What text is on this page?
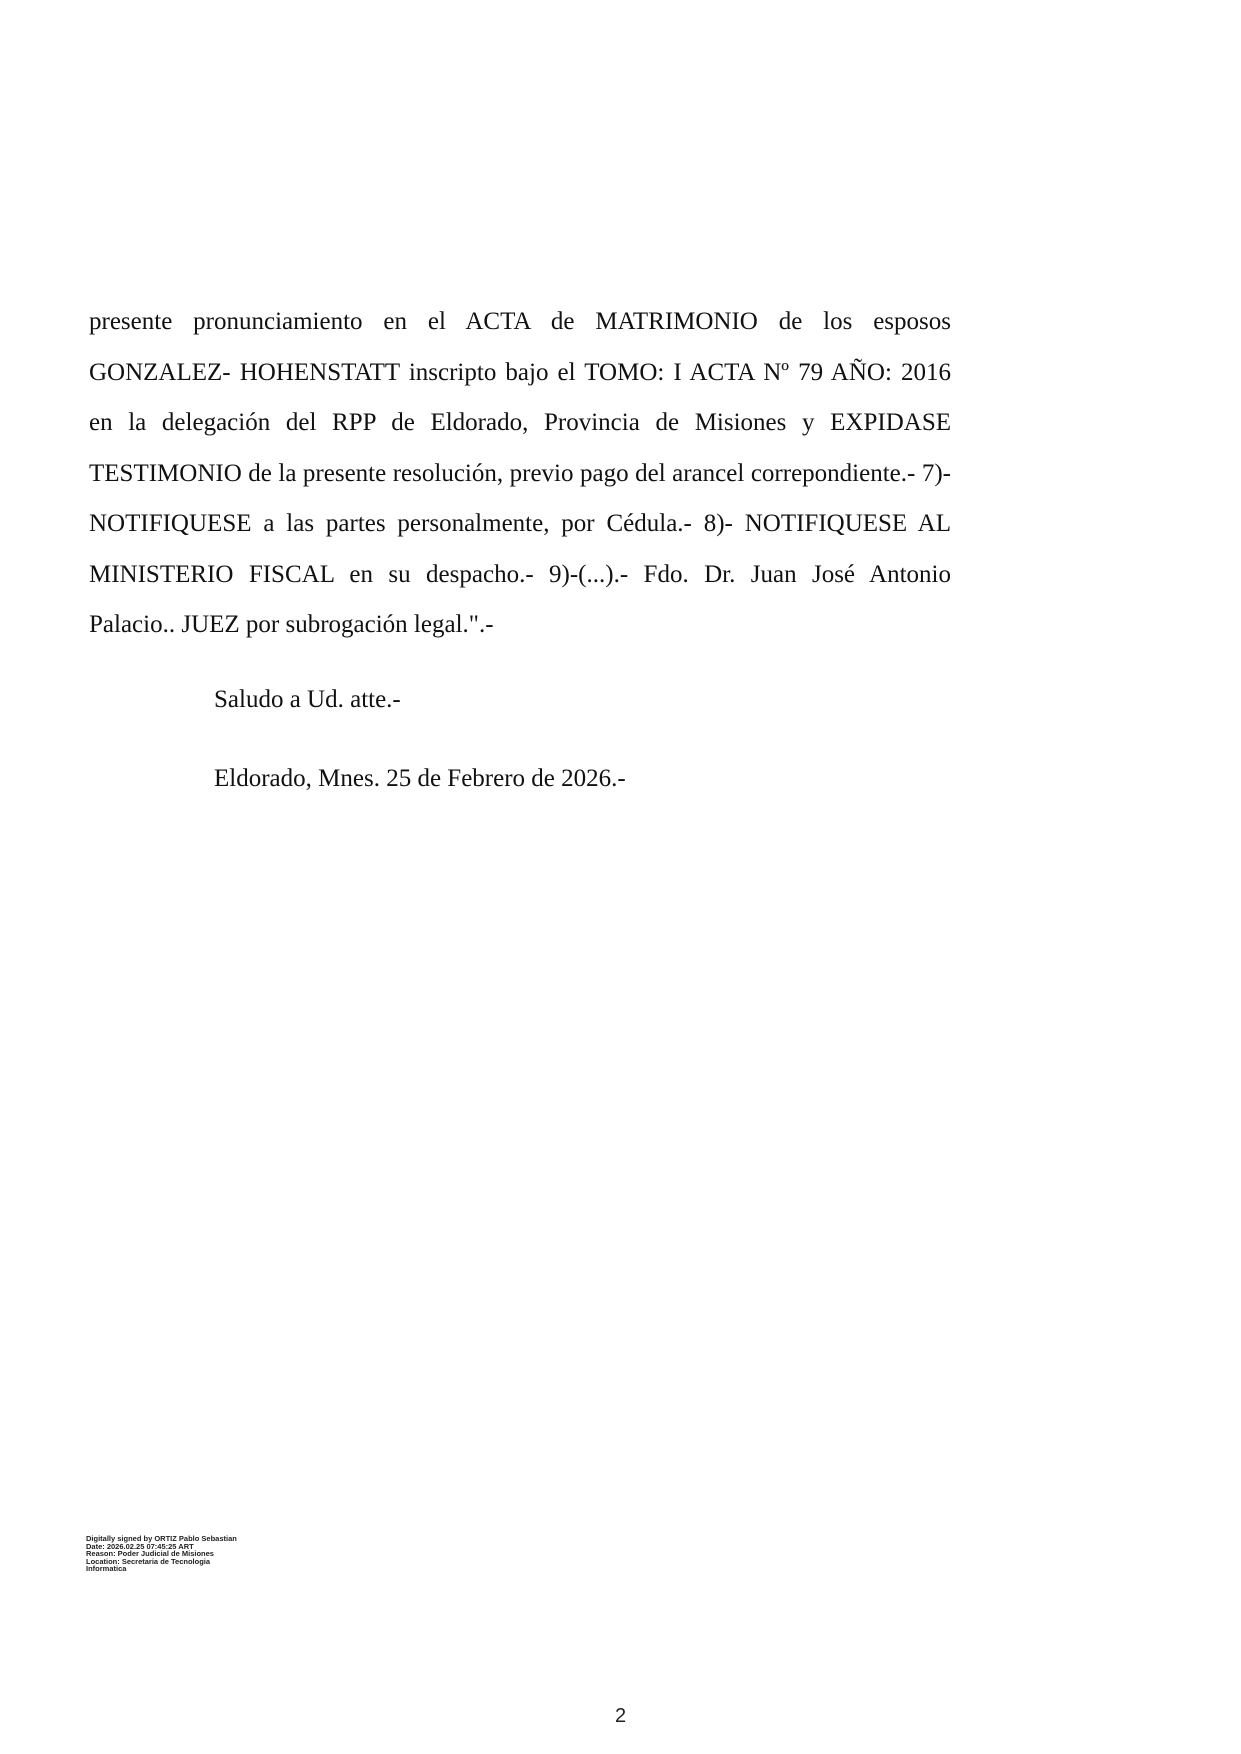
presente pronunciamiento en el ACTA de MATRIMONIO de los esposos
GONZALEZ- HOHENSTATT inscripto bajo el TOMO: I ACTA Nº 79 AÑO: 2016
en la delegación del RPP de Eldorado, Provincia de Misiones y EXPIDASE
TESTIMONIO de la presente resolución, previo pago del arancel correpondiente.- 7)-
NOTIFIQUESE a las partes personalmente, por Cédula.- 8)- NOTIFIQUESE AL
MINISTERIO FISCAL en su despacho.- 9)-(...).- Fdo. Dr. Juan José Antonio
Palacio.. JUEZ por subrogación legal.".-
Saludo a Ud. atte.-
Eldorado, Mnes. 25 de Febrero de 2026.-
Digitally signed by ORTIZ Pablo Sebastian
Date: 2026.02.25 07:45:25 ART
Reason: Poder Judicial de Misiones
Location: Secretaria de Tecnologia
Informatica
2
